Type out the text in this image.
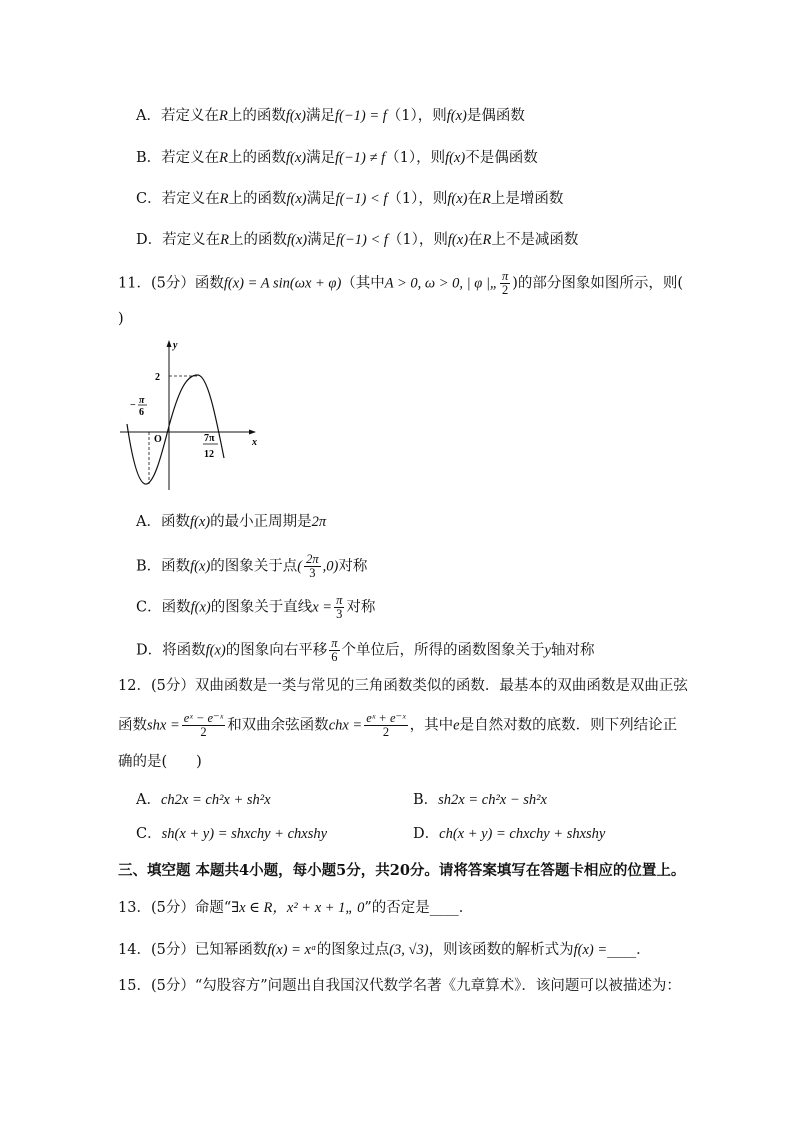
A．若定义在R上的函数f(x)满足f(−1) = f（1），则f(x)是偶函数
B．若定义在R上的函数f(x)满足f(−1) ≠ f（1），则f(x)不是偶函数
C．若定义在R上的函数f(x)满足f(−1) < f（1），则f(x)在R上是增函数
D．若定义在R上的函数f(x)满足f(−1) < f（1），则f(x)在R上不是减函数
11．(5分）函数f(x) = A sin(ωx + φ)（其中A > 0, ω > 0, | φ |„ $\frac{\pi}{2}$ )的部分图象如图所示，则(
)
y
x
O
2
− π
6
7π
12
A．函数f(x)的最小正周期是2π
B．函数f(x)的图象关于点( $\frac{2\pi}{3} ,0$)对称
C．函数f(x)的图象关于直线$x = \frac{\pi}{3}$ 对称
D．将函数f(x)的图象向右平移 $\frac{\pi}{6}$ 个单位后，所得的函数图象关于y轴对称
12．(5分）双曲函数是一类与常见的三角函数类似的函数．最基本的双曲函数是双曲正弦
函数shx = $\frac{\text{eˣ − e⁻ˣ}}{2}$ 和双曲余弦函数chx = $\frac{\text{eˣ + e⁻ˣ}}{2}$ ，其中e是自然对数的底数．则下列结论正
确的是(　　)
A．ch2x = ch²x + sh²x	B．sh2x = ch²x − sh²x
C．sh(x + y) = shxchy + chxshy	D．ch(x + y) = chxchy + shxshy
三、填空题 本题共4小题，每小题5分，共20分。请将答案填写在答题卡相应的位置上。
13．(5分）命题“∃x ∈ R，x² + x + 1„ 0”的否定是____．
14．(5分）已知幂函数f(x) = xᵅ的图象过点(3, √3)，则该函数的解析式为f(x) =____．
15．(5分）“勾股容方”问题出自我国汉代数学名著《九章算术》．该问题可以被描述为：
